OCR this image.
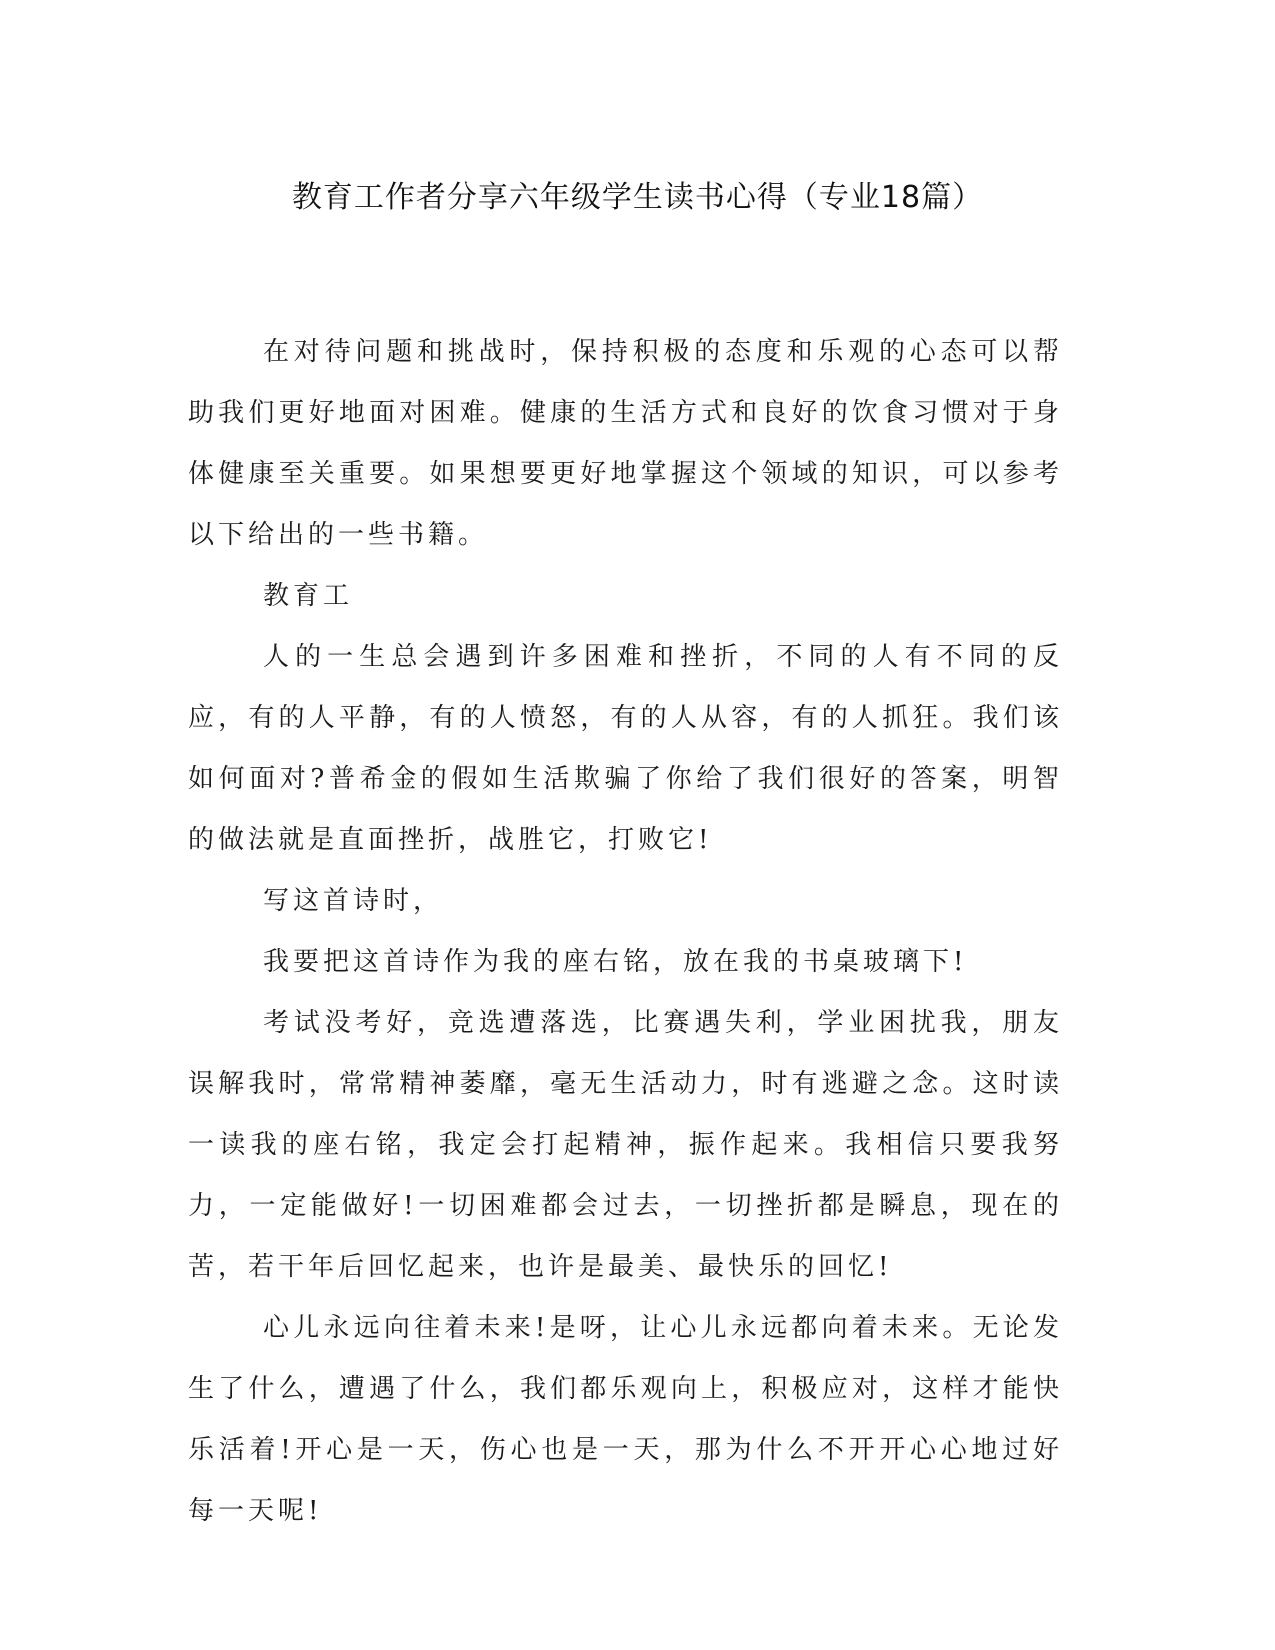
教育工作者分享六年级学生读书心得（专业18篇）

在对待问题和挑战时，保持积极的态度和乐观的心态可以帮助我们更好地面对困难。健康的生活方式和良好的饮食习惯对于身体健康至关重要。如果想要更好地掌握这个领域的知识，可以参考以下给出的一些书籍。

教育工

人的一生总会遇到许多困难和挫折，不同的人有不同的反应，有的人平静，有的人愤怒，有的人从容，有的人抓狂。我们该如何面对?普希金的假如生活欺骗了你给了我们很好的答案，明智的做法就是直面挫折，战胜它，打败它!

写这首诗时，

我要把这首诗作为我的座右铭，放在我的书桌玻璃下!

考试没考好，竞选遭落选，比赛遇失利，学业困扰我，朋友误解我时，常常精神萎靡，毫无生活动力，时有逃避之念。这时读一读我的座右铭，我定会打起精神，振作起来。我相信只要我努力，一定能做好!一切困难都会过去，一切挫折都是瞬息，现在的苦，若干年后回忆起来，也许是最美、最快乐的回忆!

心儿永远向往着未来!是呀，让心儿永远都向着未来。无论发生了什么，遭遇了什么，我们都乐观向上，积极应对，这样才能快乐活着!开心是一天，伤心也是一天，那为什么不开开心心地过好每一天呢!
